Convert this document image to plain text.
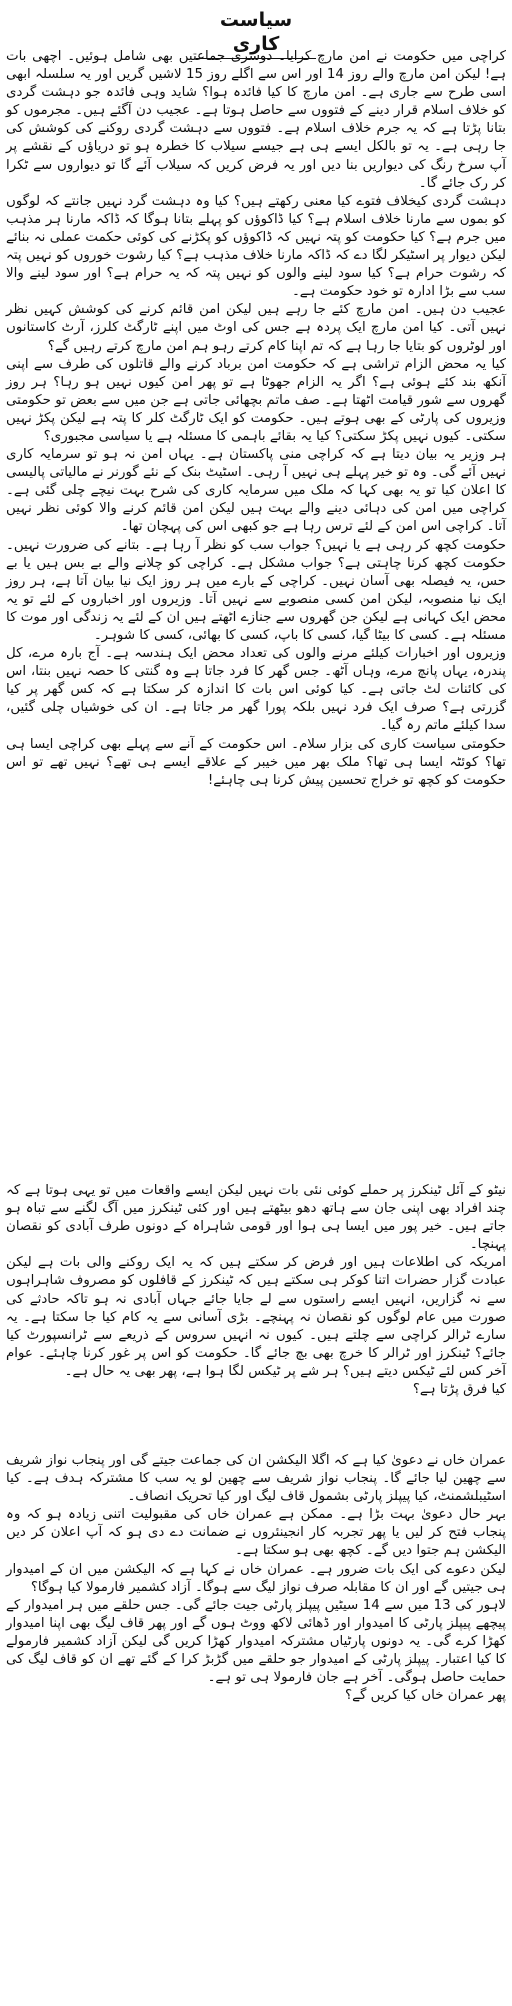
سیاست کاری

کراچی میں حکومت نے امن مارچ کرایا۔ دوسری جماعتیں بھی شامل ہوئیں۔ اچھی بات ہے! لیکن امن مارچ والے روز 14 اور اس سے اگلے روز 15 لاشیں گریں اور یہ سلسلہ ابھی اسی طرح سے جاری ہے۔ امن مارچ کا کیا فائدہ ہوا؟ شاید وہی فائدہ جو دہشت گردی کو خلاف اسلام قرار دینے کے فتووں سے حاصل ہوتا ہے۔ عجیب دن آگئے ہیں۔ مجرموں کو بتانا پڑتا ہے کہ یہ جرم خلاف اسلام ہے۔ فتووں سے دہشت گردی روکنے کی کوشش کی جا رہی ہے۔ یہ تو بالکل ایسے ہی ہے جیسے سیلاب کا خطرہ ہو تو دریاؤں کے نقشے پر آپ سرخ رنگ کی دیواریں بنا دیں اور یہ فرض کریں کہ سیلاب آئے گا تو دیواروں سے ٹکرا کر رک جائے گا۔

دہشت گردی کیخلاف فتوے کیا معنی رکھتے ہیں؟ کیا وہ دہشت گرد نہیں جانتے کہ لوگوں کو بموں سے مارنا خلاف اسلام ہے؟ کیا ڈاکوؤں کو پہلے بتانا ہوگا کہ ڈاکہ مارنا ہر مذہب میں جرم ہے؟ کیا حکومت کو پتہ نہیں کہ ڈاکوؤں کو پکڑنے کی کوئی حکمت عملی نہ بنائے لیکن دیوار پر اسٹیکر لگا دے کہ ڈاکہ مارنا خلاف مذہب ہے؟ کیا رشوت خوروں کو نہیں پتہ کہ رشوت حرام ہے؟ کیا سود لینے والوں کو نہیں پتہ کہ یہ حرام ہے؟ اور سود لینے والا سب سے بڑا ادارہ تو خود حکومت ہے۔

عجیب دن ہیں۔ امن مارچ کئے جا رہے ہیں لیکن امن قائم کرنے کی کوشش کہیں نظر نہیں آتی۔ کیا امن مارچ ایک پردہ ہے جس کی اوٹ میں اپنے ٹارگٹ کلرز، آرٹ کاستانوں اور لوٹروں کو بتایا جا رہا ہے کہ تم اپنا کام کرتے رہو ہم امن مارچ کرتے رہیں گے؟

کیا یہ محض الزام تراشی ہے کہ حکومت امن برباد کرنے والے قاتلوں کی طرف سے اپنی آنکھ بند کئے ہوئی ہے؟ اگر یہ الزام جھوٹا ہے تو پھر امن کیوں نہیں ہو رہا؟ ہر روز گھروں سے شور قیامت اٹھتا ہے۔ صف ماتم بچھائی جاتی ہے جن میں سے بعض تو حکومتی وزیروں کی پارٹی کے بھی ہوتے ہیں۔ حکومت کو ایک ٹارگٹ کلر کا پتہ ہے لیکن پکڑ نہیں سکتی۔ کیوں نہیں پکڑ سکتی؟ کیا یہ بقائے باہمی کا مسئلہ ہے یا سیاسی مجبوری؟

ہر وزیر یہ بیان دیتا ہے کہ کراچی منی پاکستان ہے۔ یہاں امن نہ ہو تو سرمایہ کاری نہیں آئے گی۔ وہ تو خیر پہلے ہی نہیں آ رہی۔ اسٹیٹ بنک کے نئے گورنر نے مالیاتی پالیسی کا اعلان کیا تو یہ بھی کہا کہ ملک میں سرمایہ کاری کی شرح بہت نیچے چلی گئی ہے۔ کراچی میں امن کی دہائی دینے والے بہت ہیں لیکن امن قائم کرنے والا کوئی نظر نہیں آتا۔ کراچی اس امن کے لئے ترس رہا ہے جو کبھی اس کی پہچان تھا۔

حکومت کچھ کر رہی ہے یا نہیں؟ جواب سب کو نظر آ رہا ہے۔ بتانے کی ضرورت نہیں۔ حکومت کچھ کرنا چاہتی ہے؟ جواب مشکل ہے۔ کراچی کو چلانے والے بے بس ہیں یا بے حس، یہ فیصلہ بھی آسان نہیں۔ کراچی کے بارے میں ہر روز ایک نیا بیان آتا ہے، ہر روز ایک نیا منصوبہ، لیکن امن کسی منصوبے سے نہیں آتا۔ وزیروں اور اخباروں کے لئے تو یہ محض ایک کہانی ہے لیکن جن گھروں سے جنازے اٹھتے ہیں ان کے لئے یہ زندگی اور موت کا مسئلہ ہے۔ کسی کا بیٹا گیا، کسی کا باپ، کسی کا بھائی، کسی کا شوہر۔

وزیروں اور اخبارات کیلئے مرنے والوں کی تعداد محض ایک ہندسہ ہے۔ آج بارہ مرے، کل پندرہ، یہاں پانچ مرے، وہاں آٹھ۔ جس گھر کا فرد جاتا ہے وہ گنتی کا حصہ نہیں بنتا، اس کی کائنات لٹ جاتی ہے۔ کیا کوئی اس بات کا اندازہ کر سکتا ہے کہ کس گھر پر کیا گزرتی ہے؟ صرف ایک فرد نہیں بلکہ پورا گھر مر جاتا ہے۔ ان کی خوشیاں چلی گئیں، سدا کیلئے ماتم رہ گیا۔

حکومتی سیاست کاری کی بزار سلام۔ اس حکومت کے آنے سے پہلے بھی کراچی ایسا ہی تھا؟ کوئٹہ ایسا ہی تھا؟ ملک بھر میں خیبر کے علاقے ایسے ہی تھے؟ نہیں تھے تو اس حکومت کو کچھ تو خراج تحسین پیش کرنا ہی چاہئے!

نیٹو کے آئل ٹینکرز پر حملے کوئی نئی بات نہیں لیکن ایسے واقعات میں تو یہی ہوتا ہے کہ چند افراد بھی اپنی جان سے ہاتھ دھو بیٹھتے ہیں اور کئی ٹینکرز میں آگ لگنے سے تباہ ہو جاتے ہیں۔ خیر پور میں ایسا ہی ہوا اور قومی شاہراہ کے دونوں طرف آبادی کو نقصان پہنچا۔

امریکہ کی اطلاعات ہیں اور فرض کر سکتے ہیں کہ یہ ایک روکنے والی بات ہے لیکن عبادت گزار حضرات اتنا کوکر ہی سکتے ہیں کہ ٹینکرز کے قافلوں کو مصروف شاہراہوں سے نہ گزاریں، انہیں ایسے راستوں سے لے جایا جائے جہاں آبادی نہ ہو تاکہ حادثے کی صورت میں عام لوگوں کو نقصان نہ پہنچے۔ بڑی آسانی سے یہ کام کیا جا سکتا ہے۔ یہ سارے ٹرالر کراچی سے چلتے ہیں۔ کیوں نہ انہیں سروس کے ذریعے سے ٹرانسپورٹ کیا جائے؟ ٹینکرز اور ٹرالر کا خرچ بھی بچ جائے گا۔ حکومت کو اس پر غور کرنا چاہئے۔ عوام آخر کس لئے ٹیکس دیتے ہیں؟ ہر شے پر ٹیکس لگا ہوا ہے، پھر بھی یہ حال ہے۔

کیا فرق پڑتا ہے؟

عمران خاں نے دعویٰ کیا ہے کہ اگلا الیکشن ان کی جماعت جیتے گی اور پنجاب نواز شریف سے چھین لیا جائے گا۔ پنجاب نواز شریف سے چھین لو یہ سب کا مشترکہ ہدف ہے۔ کیا اسٹیبلشمنٹ، کیا پیپلز پارٹی بشمول قاف لیگ اور کیا تحریک انصاف۔

بہر حال دعویٰ بہت بڑا ہے۔ ممکن ہے عمران خاں کی مقبولیت اتنی زیادہ ہو کہ وہ پنجاب فتح کر لیں یا پھر تجربہ کار انجینئروں نے ضمانت دے دی ہو کہ آپ اعلان کر دیں الیکشن ہم جتوا دیں گے۔ کچھ بھی ہو سکتا ہے۔

لیکن دعوے کی ایک بات ضرور ہے۔ عمران خاں نے کہا ہے کہ الیکشن میں ان کے امیدوار ہی جیتیں گے اور ان کا مقابلہ صرف نواز لیگ سے ہوگا۔ آزاد کشمیر فارمولا کیا ہوگا؟

لاہور کی 13 میں سے 14 سیٹیں پیپلز پارٹی جیت جائے گی۔ جس حلقے میں ہر امیدوار کے پیچھے پیپلز پارٹی کا امیدوار اور ڈھائی لاکھ ووٹ ہوں گے اور پھر قاف لیگ بھی اپنا امیدوار کھڑا کرے گی۔ یہ دونوں پارٹیاں مشترکہ امیدوار کھڑا کریں گی لیکن آزاد کشمیر فارمولے کا کیا اعتبار۔ پیپلز پارٹی کے امیدوار جو حلقے میں گڑبڑ کرا کے گئے تھے ان کو قاف لیگ کی حمایت حاصل ہوگی۔ آخر ہے جان فارمولا ہی تو ہے۔

پھر عمران خاں کیا کریں گے؟
